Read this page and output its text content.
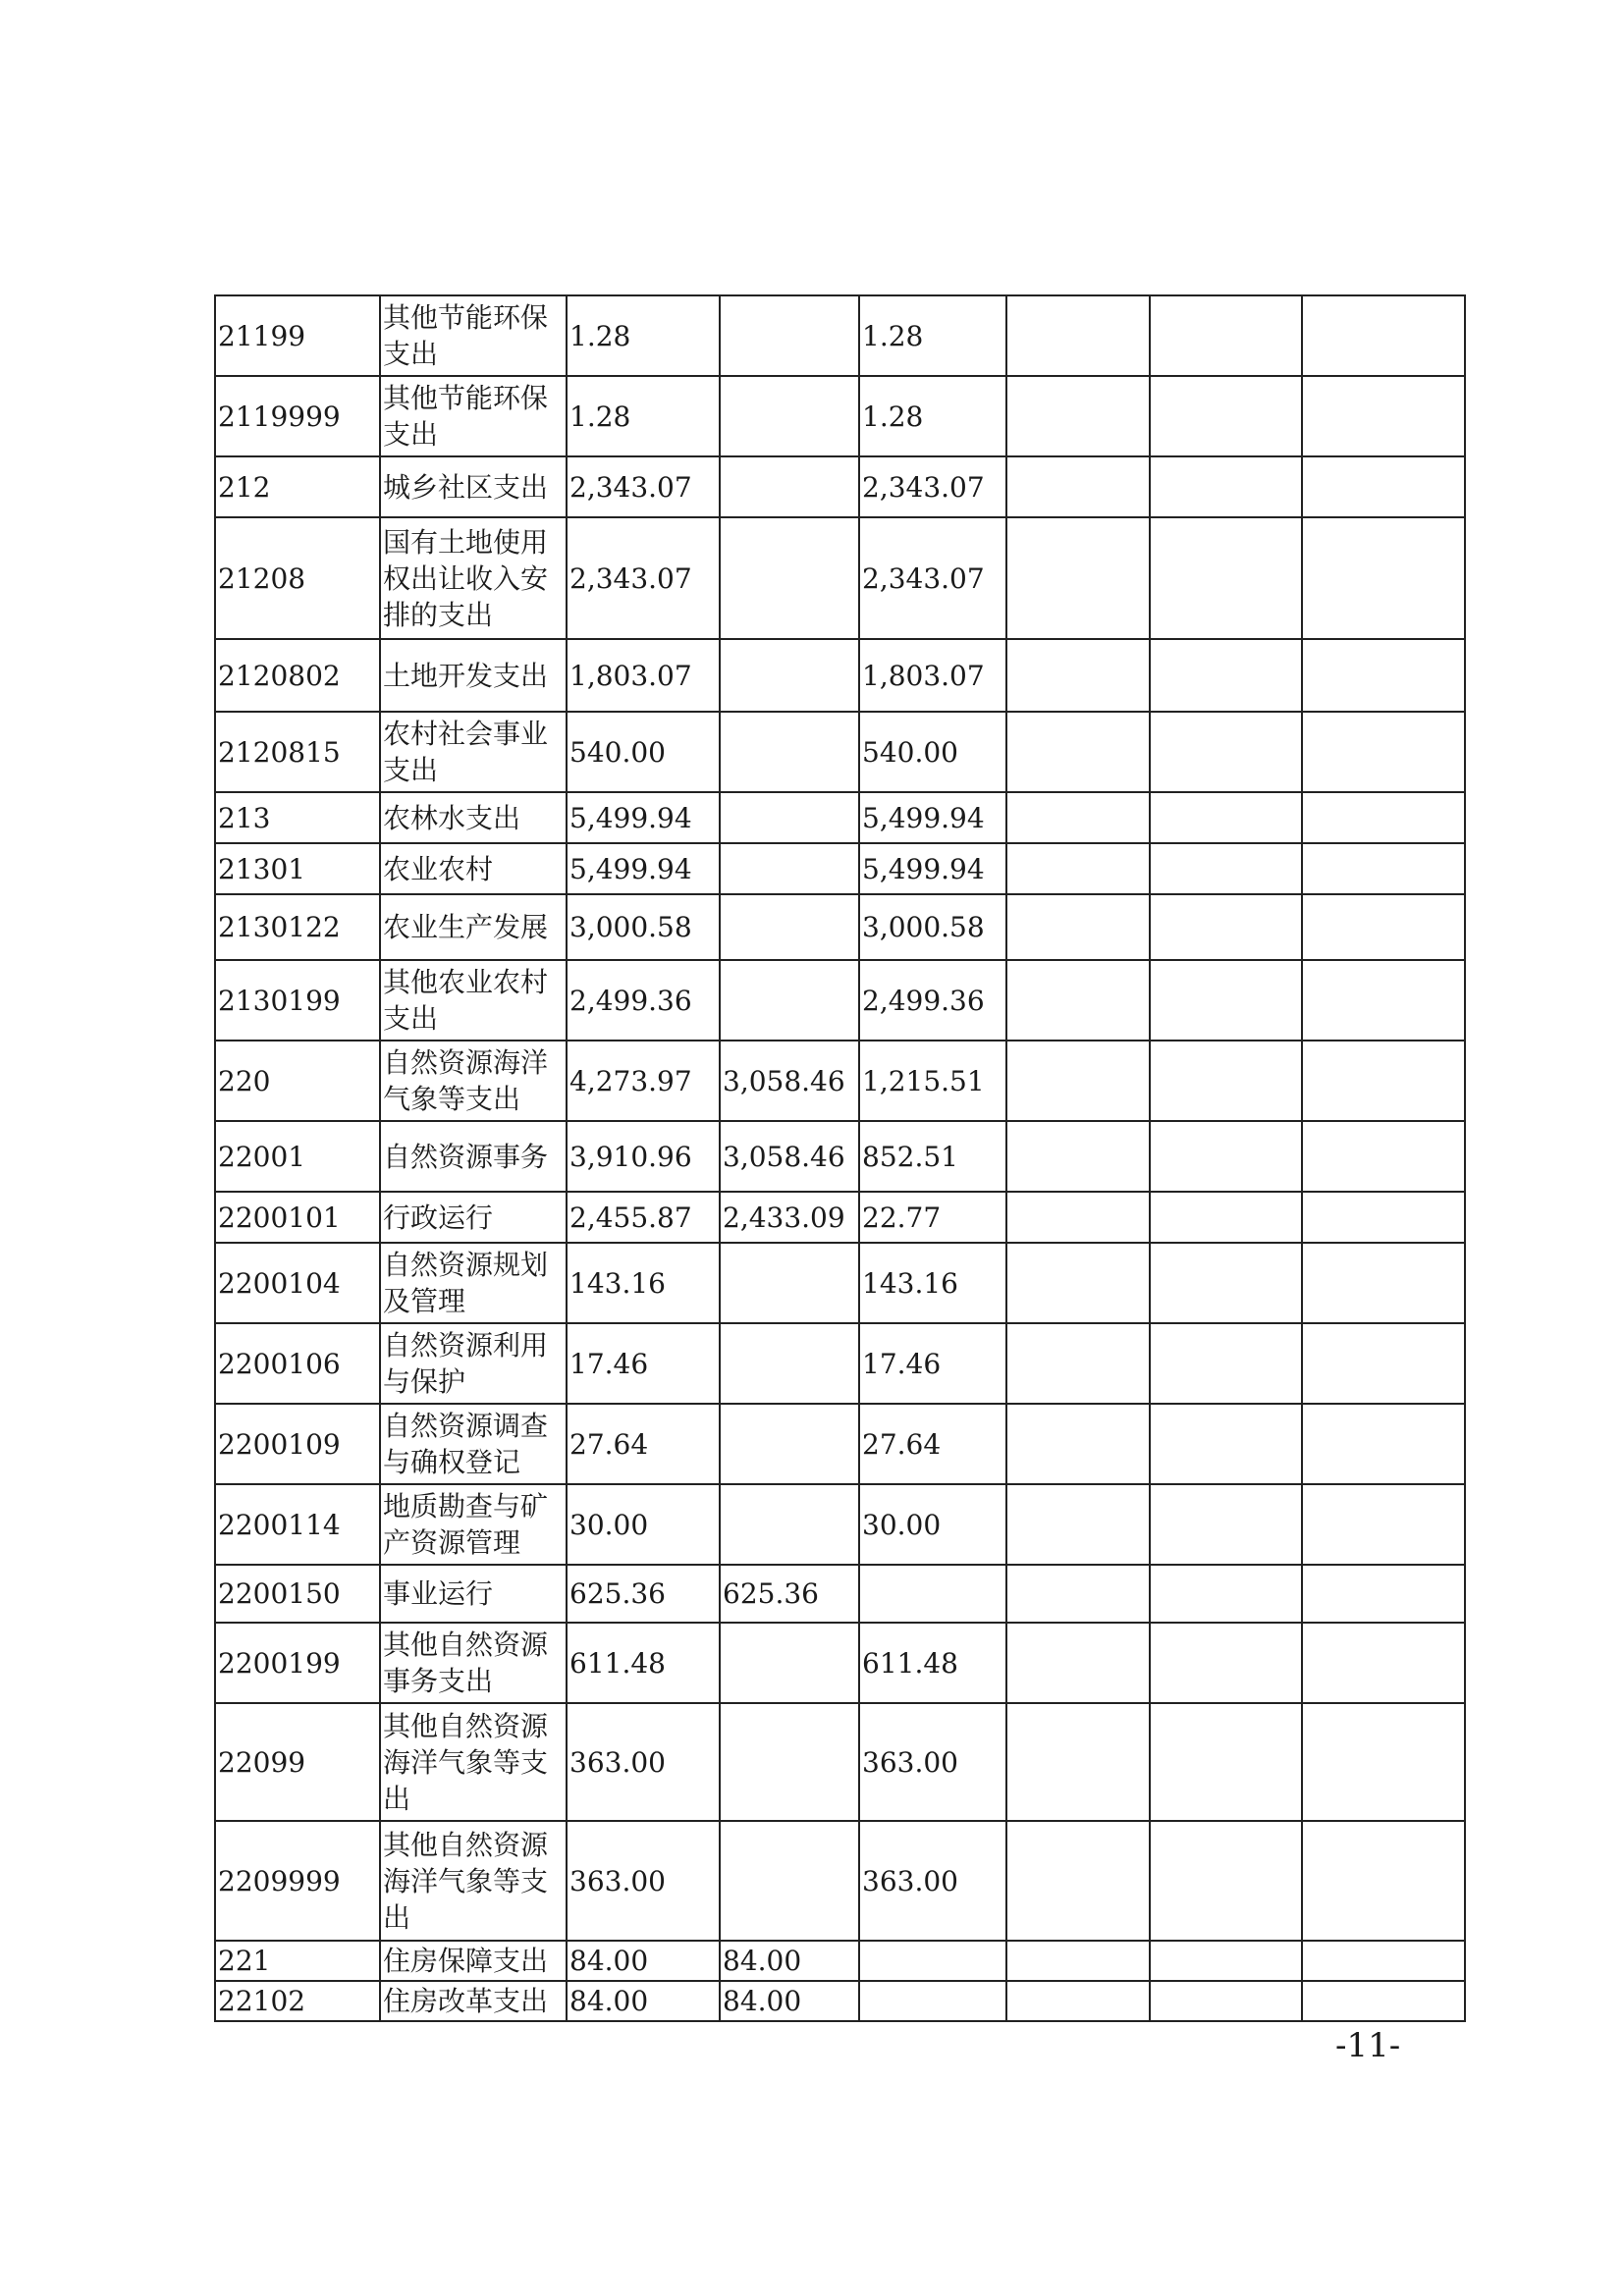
21199	其他节能环保支出	1.28		1.28			
2119999	其他节能环保支出	1.28		1.28			
212	城乡社区支出	2,343.07		2,343.07			
21208	国有土地使用权出让收入安排的支出	2,343.07		2,343.07			
2120802	土地开发支出	1,803.07		1,803.07			
2120815	农村社会事业支出	540.00		540.00			
213	农林水支出	5,499.94		5,499.94			
21301	农业农村	5,499.94		5,499.94			
2130122	农业生产发展	3,000.58		3,000.58			
2130199	其他农业农村支出	2,499.36		2,499.36			
220	自然资源海洋气象等支出	4,273.97	3,058.46	1,215.51			
22001	自然资源事务	3,910.96	3,058.46	852.51			
2200101	行政运行	2,455.87	2,433.09	22.77			
2200104	自然资源规划及管理	143.16		143.16			
2200106	自然资源利用与保护	17.46		17.46			
2200109	自然资源调查与确权登记	27.64		27.64			
2200114	地质勘查与矿产资源管理	30.00		30.00			
2200150	事业运行	625.36	625.36				
2200199	其他自然资源事务支出	611.48		611.48			
22099	其他自然资源海洋气象等支出	363.00		363.00			
2209999	其他自然资源海洋气象等支出	363.00		363.00			
221	住房保障支出	84.00	84.00				
22102	住房改革支出	84.00	84.00				
-11-
